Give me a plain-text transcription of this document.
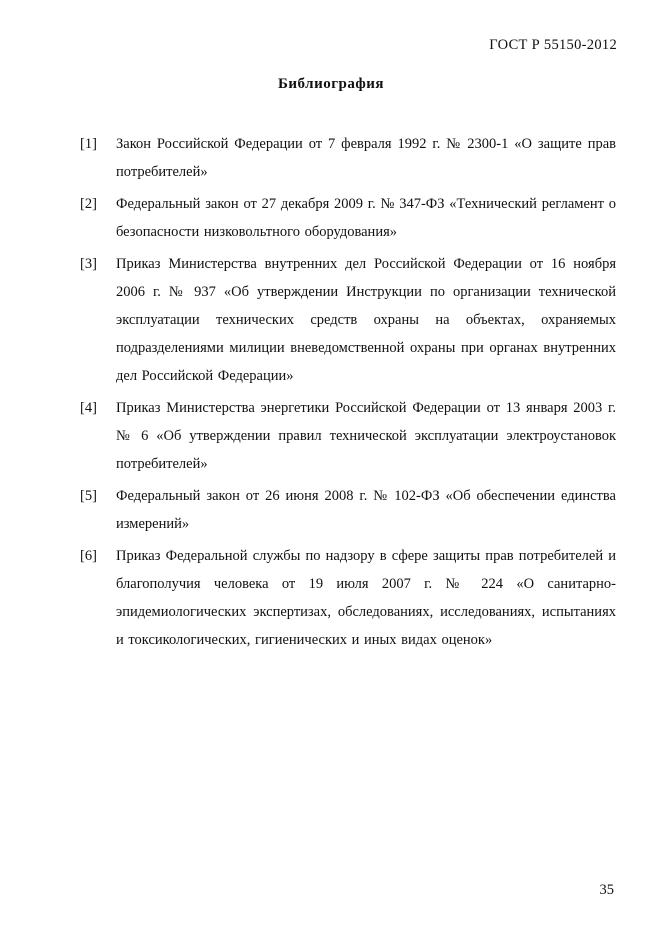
ГОСТ Р 55150-2012
Библиография
[1]	Закон Российской Федерации от 7 февраля 1992 г. № 2300-1 «О защите прав потребителей»
[2]	Федеральный закон от 27 декабря 2009 г. № 347-ФЗ «Технический регламент о безопасности низковольтного оборудования»
[3]	Приказ Министерства внутренних дел Российской Федерации от 16 ноября 2006 г. № 937 «Об утверждении Инструкции по организации технической эксплуатации технических средств охраны на объектах, охраняемых подразделениями милиции вневедомственной охраны при органах внутренних дел Российской Федерации»
[4]	Приказ Министерства энергетики Российской Федерации от 13 января 2003 г. № 6 «Об утверждении правил технической эксплуатации электроустановок потребителей»
[5]	Федеральный закон от 26 июня 2008 г. № 102-ФЗ «Об обеспечении единства измерений»
[6]	Приказ Федеральной службы по надзору в сфере защиты прав потребителей и благополучия человека от 19 июля 2007 г. № 224 «О санитарно-эпидемиологических экспертизах, обследованиях, исследованиях, испытаниях и токсикологических, гигиенических и иных видах оценок»
35
